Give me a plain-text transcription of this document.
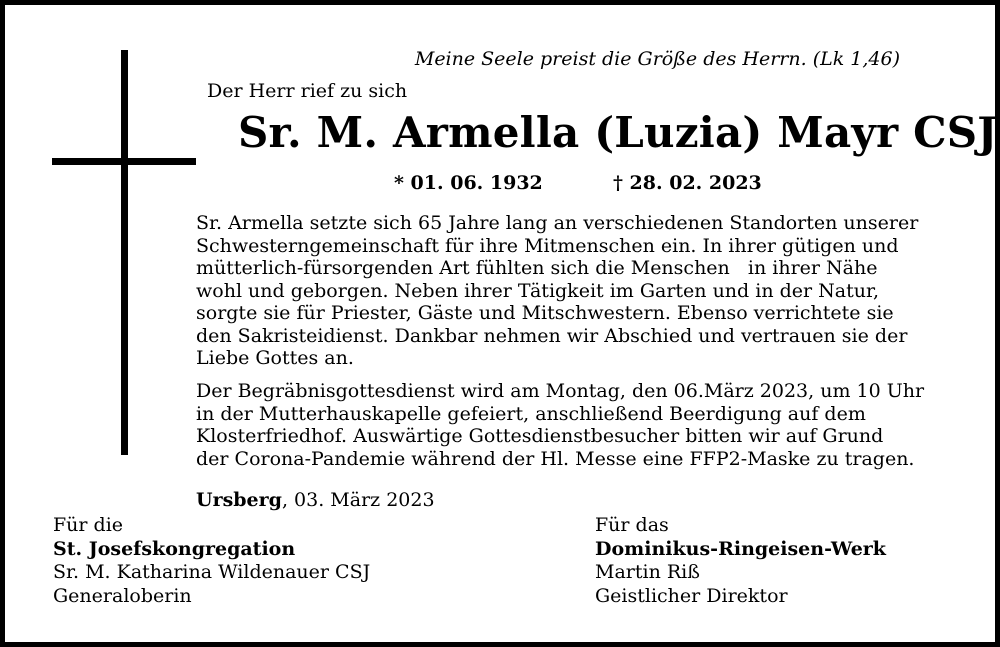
Meine Seele preist die Größe des Herrn. (Lk 1,46)
Der Herr rief zu sich
Sr. M. Armella (Luzia) Mayr CSJ
* 01. 06. 1932	† 28. 02. 2023
Sr. Armella setzte sich 65 Jahre lang an verschiedenen Standorten unserer
Schwesterngemeinschaft für ihre Mitmenschen ein. In ihrer gütigen und
mütterlich-fürsorgenden Art fühlten sich die Menschen   in ihrer Nähe
wohl und geborgen. Neben ihrer Tätigkeit im Garten und in der Natur,
sorgte sie für Priester, Gäste und Mitschwestern. Ebenso verrichtete sie
den Sakristeidienst. Dankbar nehmen wir Abschied und vertrauen sie der
Liebe Gottes an.
Der Begräbnisgottesdienst wird am Montag, den 06.März 2023, um 10 Uhr
in der Mutterhauskapelle gefeiert, anschließend Beerdigung auf dem
Klosterfriedhof. Auswärtige Gottesdienstbesucher bitten wir auf Grund
der Corona-Pandemie während der Hl. Messe eine FFP2-Maske zu tragen.
Ursberg, 03. März 2023
Für die
St. Josefskongregation
Sr. M. Katharina Wildenauer CSJ
Generaloberin
Für das
Dominikus-Ringeisen-Werk
Martin Riß
Geistlicher Direktor
